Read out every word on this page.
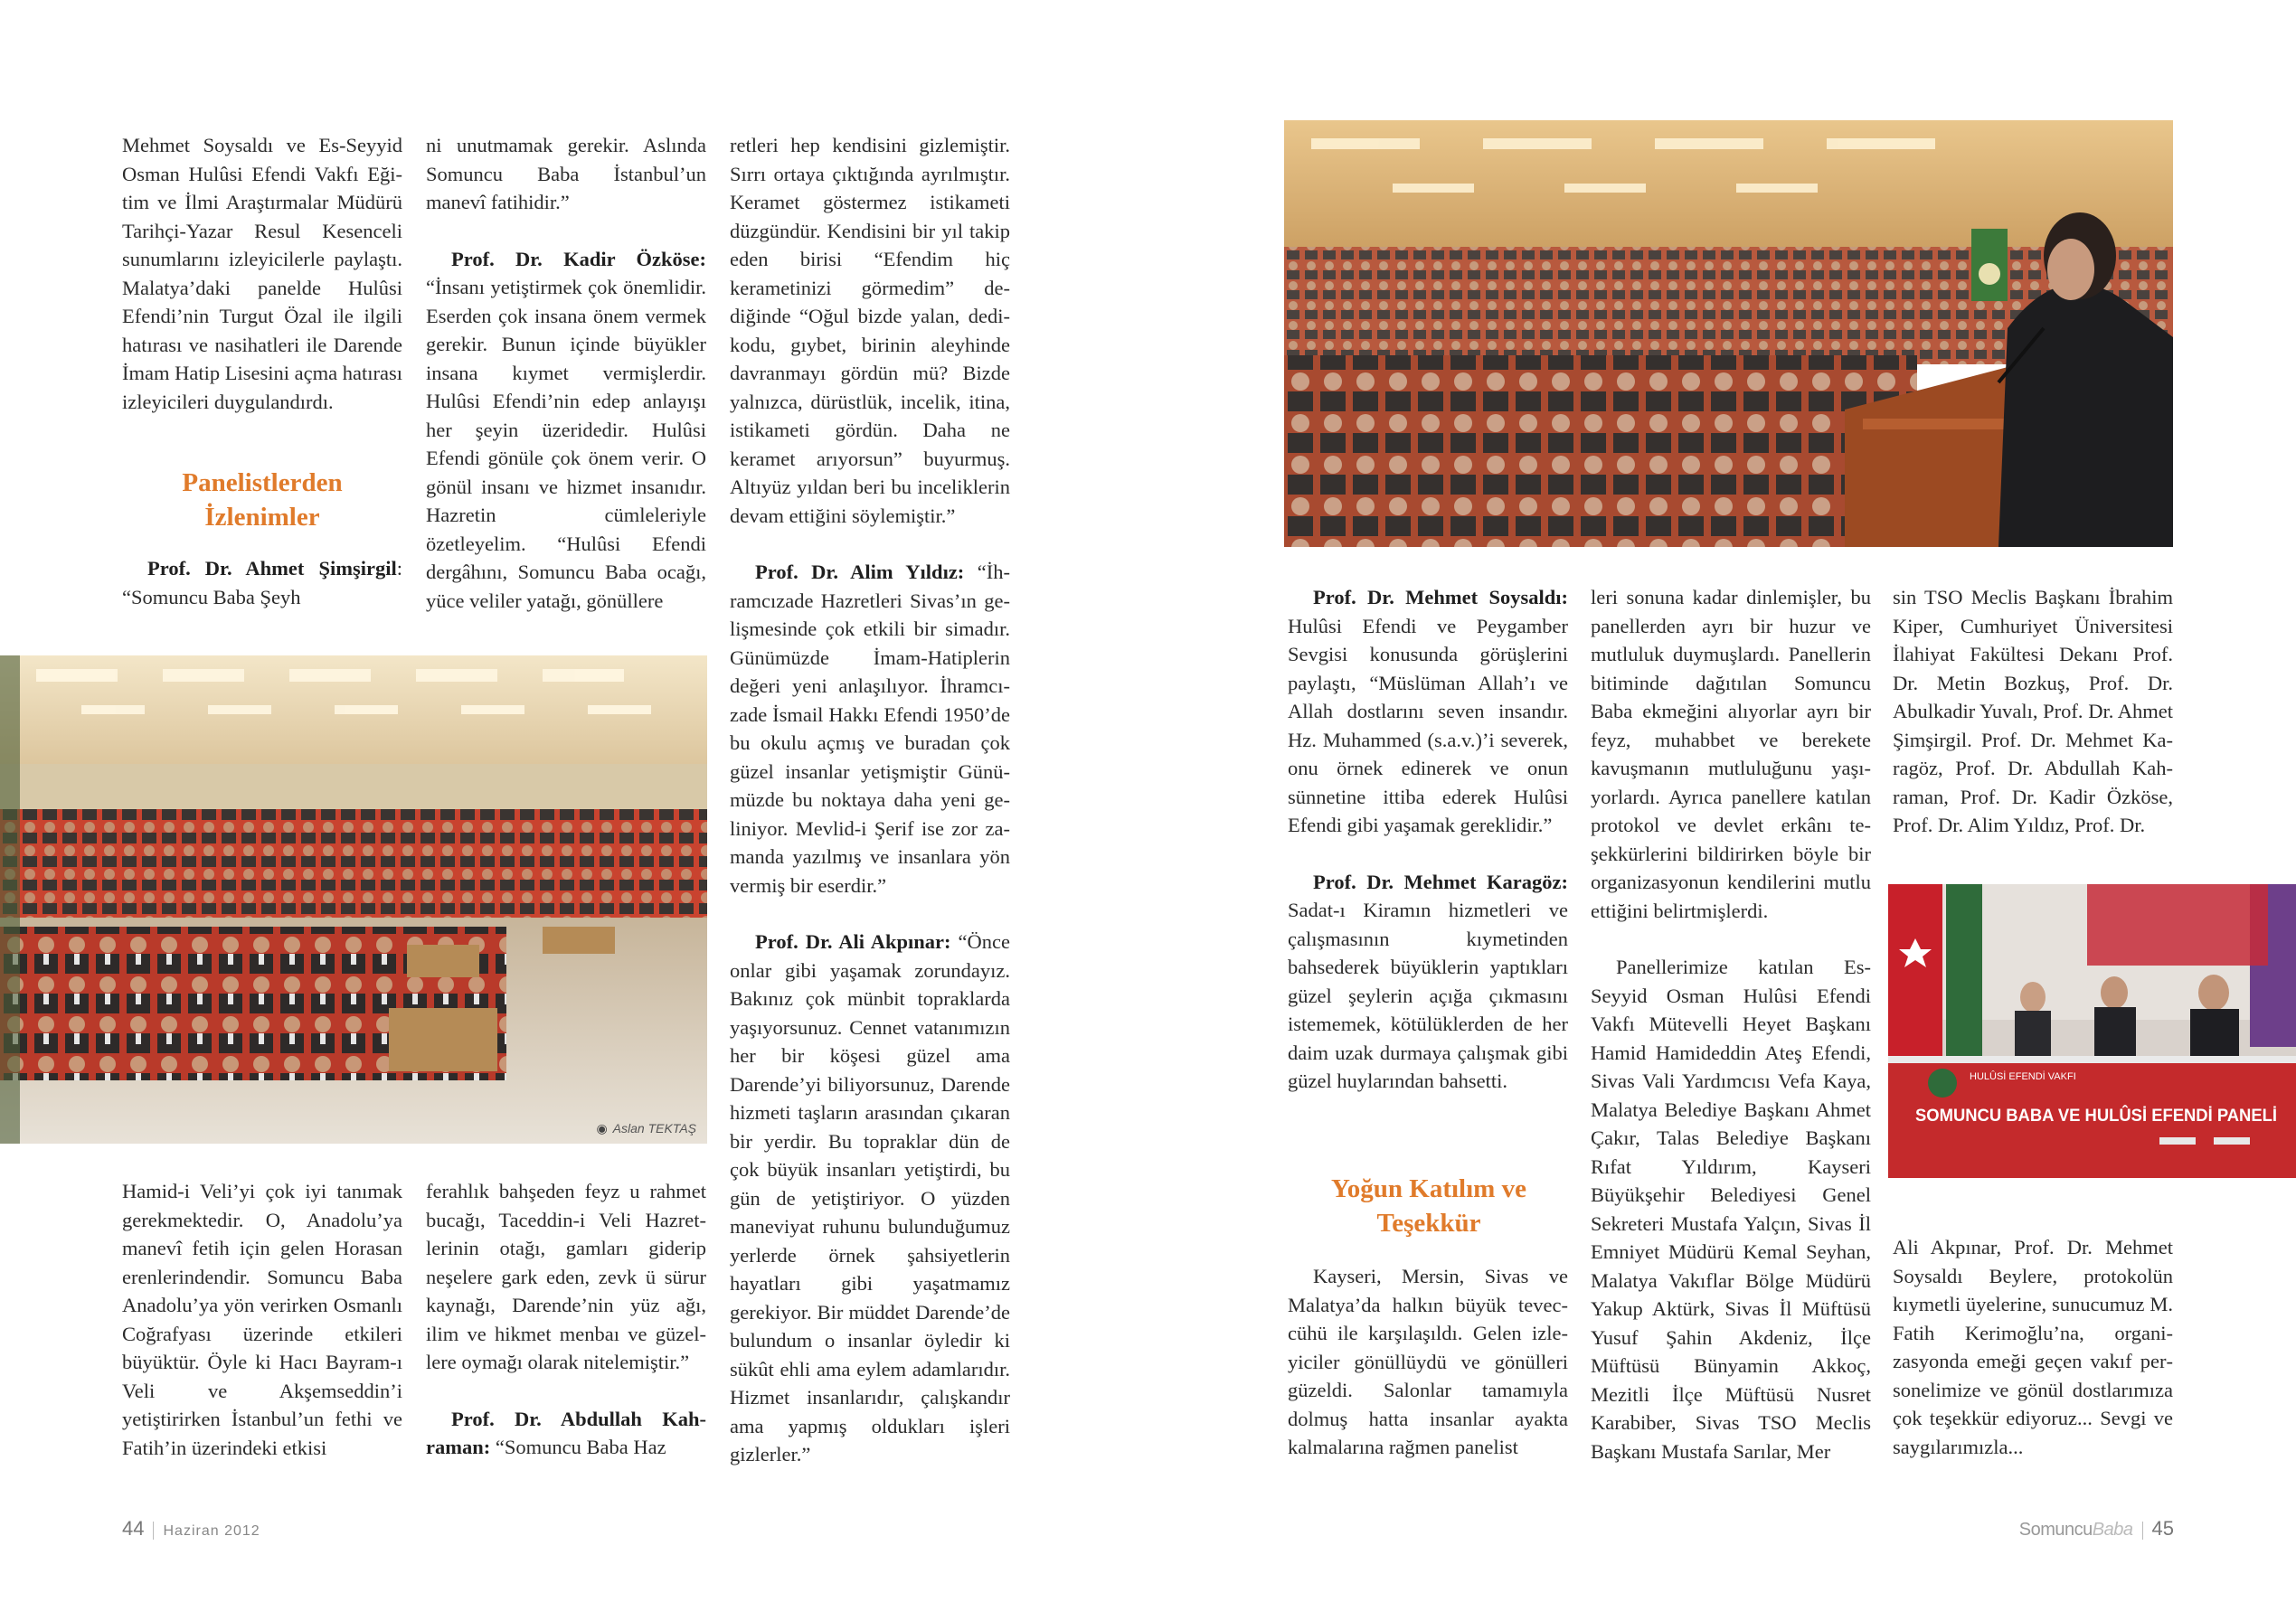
Mehmet Soysaldı ve Es-Seyyid Osman Hulûsi Efendi Vakfı Eğitim ve İlmi Araştırmalar Müdürü Tarihçi-Yazar Resul Kesenceli sunumlarını izleyicilerle paylaştı. Malatya’daki panelde Hulûsi Efendi’nin Turgut Özal ile ilgili hatırası ve nasihatleri ile Darende İmam Hatip Lisesini açma hatırası izleyicileri duygulandırdı.

Panelistlerden İzlenimler

Prof. Dr. Ahmet Şimşirgil: “Somuncu Baba Şeyh

ni unutmamak gerekir. Aslında Somuncu Baba İstanbul’un manevî fatihidir.”

Prof. Dr. Kadir Özköse: “İnsanı yetiştirmek çok önemlidir. Eserden çok insana önem vermek gerekir. Bunun içinde büyükler insana kıymet vermişlerdir. Hulûsi Efendi’nin edep anlayışı her şeyin üzeridedir. Hulûsi Efendi gönüle çok önem verir. O gönül insanı ve hizmet insanıdır. Hazretin cümleleriyle özetleyelim. “Hulûsi Efendi dergâhını, Somuncu Baba ocağı, yüce veliler yatağı, gönüllere

retleri hep kendisini gizlemiştir. Sırrı ortaya çıktığında ayrılmıştır. Keramet göstermez istikameti düzgündür. Kendisini bir yıl takip eden birisi “Efendim hiç kerametinizi görmedim” dediğinde “Oğul bizde yalan, dedikodu, gıybet, birinin aleyhinde davranmayı gördün mü? Bizde yalnızca, dürüstlük, incelik, itina, istikameti gördün. Daha ne keramet arıyorsun” buyurmuş. Altıyüz yıldan beri bu inceliklerin devam ettiğini söylemiştir.”

Prof. Dr. Alim Yıldız: “İhramcızade Hazretleri Sivas’ın gelişmesinde çok etkili bir simadır. Günümüzde İmam-Hatiplerin değeri yeni anlaşılıyor. İhramcızade İsmail Hakkı Efendi 1950’de bu okulu açmış ve buradan çok güzel insanlar yetişmiştir Günümüzde bu noktaya daha yeni geliniyor. Mevlid-i Şerif ise zor zamanda yazılmış ve insanlara yön vermiş bir eserdir.”

Prof. Dr. Ali Akpınar: “Önce onlar gibi yaşamak zorundayız. Bakınız çok münbit topraklarda yaşıyorsunuz. Cennet vatanımızın her bir köşesi güzel ama Darende’yi biliyorsunuz, Darende hizmeti taşların arasından çıkaran bir yerdir. Bu topraklar dün de çok büyük insanları yetiştirdi, bu gün de yetiştiriyor. O yüzden maneviyat ruhunu bulunduğumuz yerlerde örnek şahsiyetlerin hayatları gibi yaşatmamız gerekiyor. Bir müddet Darende’de bulundum o insanlar öyledir ki sükût ehli ama eylem adamlarıdır. Hizmet insanlarıdır, çalışkandır ama yapmış oldukları işleri gizlerler.”

◉ Aslan TEKTAŞ

Hamid-i Veli’yi çok iyi tanımak gerekmektedir. O, Anadolu’ya manevî fetih için gelen Horasan erenlerindendir. Somuncu Baba Anadolu’ya yön verirken Osmanlı Coğrafyası üzerinde etkileri büyüktür. Öyle ki Hacı Bayram-ı Veli ve Akşemseddin’i yetiştirirken İstanbul’un fethi ve Fatih’in üzerindeki etkisi

ferahlık bahşeden feyz u rahmet bucağı, Taceddin-i Veli Hazretlerinin otağı, gamları giderip neşelere gark eden, zevk ü sürur kaynağı, Darende’nin yüz ağı, ilim ve hikmet menbaı ve güzellere oymağı olarak nitelemiştir.”

Prof. Dr. Abdullah Kahraman: “Somuncu Baba Haz

44 Haziran 2012

Prof. Dr. Mehmet Soysaldı: Hulûsi Efendi ve Peygamber Sevgisi konusunda görüşlerini paylaştı, “Müslüman Allah’ı ve Allah dostlarını seven insandır. Hz. Muhammed (s.a.v.)’i severek, onu örnek edinerek ve onun sünnetine ittiba ederek Hulûsi Efendi gibi yaşamak gereklidir.”

Prof. Dr. Mehmet Karagöz: Sadat-ı Kiramın hizmetleri ve çalışmasının kıymetinden bahsederek büyüklerin yaptıkları güzel şeylerin açığa çıkmasını istememek, kötülüklerden de her daim uzak durmaya çalışmak gibi güzel huylarından bahsetti.

Yoğun Katılım ve Teşekkür

Kayseri, Mersin, Sivas ve Malatya’da halkın büyük teveccühü ile karşılaşıldı. Gelen izleyiciler gönüllüydü ve gönülleri güzeldi. Salonlar tamamıyla dolmuş hatta insanlar ayakta kalmalarına rağmen panelist

leri sonuna kadar dinlemişler, bu panellerden ayrı bir huzur ve mutluluk duymuşlardı. Panellerin bitiminde dağıtılan Somuncu Baba ekmeğini alıyorlar ayrı bir feyz, muhabbet ve berekete kavuşmanın mutluluğunu yaşıyorlardı. Ayrıca panellere katılan protokol ve devlet erkânı teşekkürlerini bildirirken böyle bir organizasyonun kendilerini mutlu ettiğini belirtmişlerdi.

Panellerimize katılan Es-Seyyid Osman Hulûsi Efendi Vakfı Mütevelli Heyet Başkanı Hamid Hamideddin Ateş Efendi, Sivas Vali Yardımcısı Vefa Kaya, Malatya Belediye Başkanı Ahmet Çakır, Talas Belediye Başkanı Rıfat Yıldırım, Kayseri Büyükşehir Belediyesi Genel Sekreteri Mustafa Yalçın, Sivas İl Emniyet Müdürü Kemal Seyhan, Malatya Vakıflar Bölge Müdürü Yakup Aktürk, Sivas İl Müftüsü Yusuf Şahin Akdeniz, İlçe Müftüsü Bünyamin Akkoç, Mezitli İlçe Müftüsü Nusret Karabiber, Sivas TSO Meclis Başkanı Mustafa Sarılar, Mer

sin TSO Meclis Başkanı İbrahim Kiper, Cumhuriyet Üniversitesi İlahiyat Fakültesi Dekanı Prof. Dr. Metin Bozkuş, Prof. Dr. Abulkadir Yuvalı, Prof. Dr. Ahmet Şimşirgil. Prof. Dr. Mehmet Karagöz, Prof. Dr. Abdullah Kahraman, Prof. Dr. Kadir Özköse, Prof. Dr. Alim Yıldız, Prof. Dr.

HULÛSİ EFENDİ VAKFI
SOMUNCU BABA VE HULÛSİ EFENDİ PANELİ

Ali Akpınar, Prof. Dr. Mehmet Soysaldı Beylere, protokolün kıymetli üyelerine, sunucumuz M. Fatih Kerimoğlu’na, organizasyonda emeği geçen vakıf personelimize ve gönül dostlarımıza çok teşekkür ediyoruz... Sevgi ve saygılarımızla...

SomuncuBaba 45
